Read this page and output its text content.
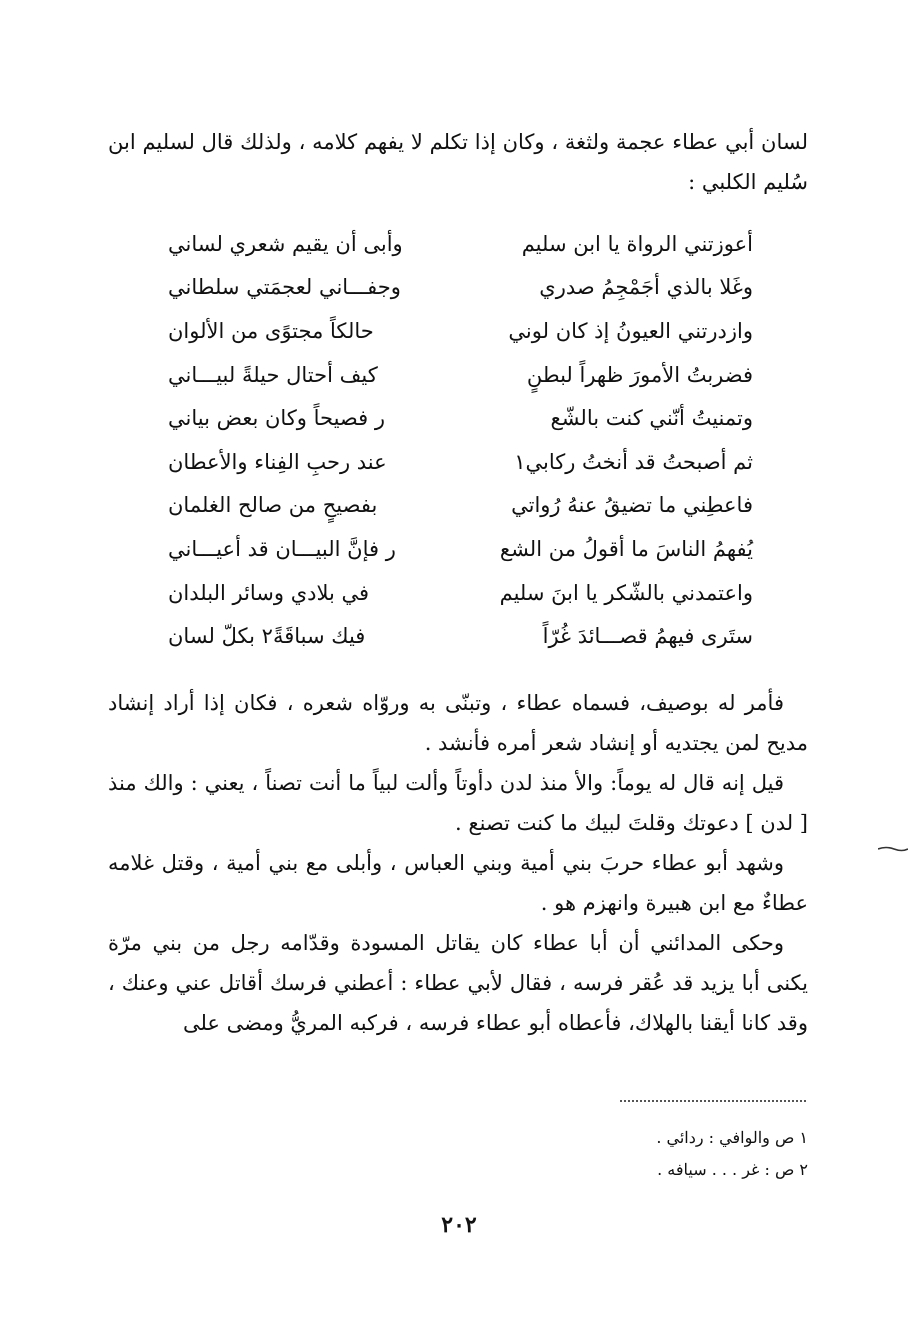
لسان أبي عطاء عجمة ولثغة ، وكان إذا تكلم لا يفهم كلامه ، ولذلك قال لسليم ابن سُليم الكلبي :

أعوزتني الرواة يا ابن سليم
وأبى أن يقيم شعري لساني
وغَلا بالذي أجَمْجِمُ صدري
وجفـــاني لعجمَتي سلطاني
وازدرتني العيونُ إذ كان لوني
حالكاً مجتوًى من الألوان
فضربتُ الأمورَ ظهراً لبطنٍ
كيف أحتال حيلةً لبيـــاني
وتمنيتُ أنّني كنت بالشّع
ر فصيحاً وكان بعض بياني
ثم أصبحتُ قد أنختُ ركابي١
عند رحبِ الفِناء والأعطان
فاعطِني ما تضيقُ عنهُ رُواتي
بفصيحٍ من صالح الغلمان
يُفهمُ الناسَ ما أقولُ من الشع
ر فإنَّ البيـــان قد أعيـــاني
واعتمدني بالشّكر يا ابنَ سليم
في بلادي وسائر البلدان
ستَرى فيهمُ قصـــائدَ غُرّاً
فيك سباقَةً٢ بكلّ لسان

فأمر له بوصيف، فسماه عطاء ، وتبنّى به وروّاه شعره ، فكان إذا أراد إنشاد مديح لمن يجتديه أو إنشاد شعر أمره فأنشد .

قيل إنه قال له يوماً: والأ منذ لدن دأوتاً وألت لبياً ما أنت تصناً ، يعني : والك منذ [ لدن ] دعوتك وقلتَ لبيك ما كنت تصنع .

وشهد أبو عطاء حربَ بني أمية وبني العباس ، وأبلى مع بني أمية ، وقتل غلامه عطاءٌ مع ابن هبيرة وانهزم هو .

وحكى المدائني أن أبا عطاء كان يقاتل المسودة وقدّامه رجل من بني مرّة يكنى أبا يزيد قد عُقر فرسه ، فقال لأبي عطاء : أعطني فرسك أقاتل عني وعنك ، وقد كانا أيقنا بالهلاك، فأعطاه أبو عطاء فرسه ، فركبه المريُّ ومضى على

١ ص والوافي : ردائي .
٢ ص : غر . . . سيافه .
٢٠٢
